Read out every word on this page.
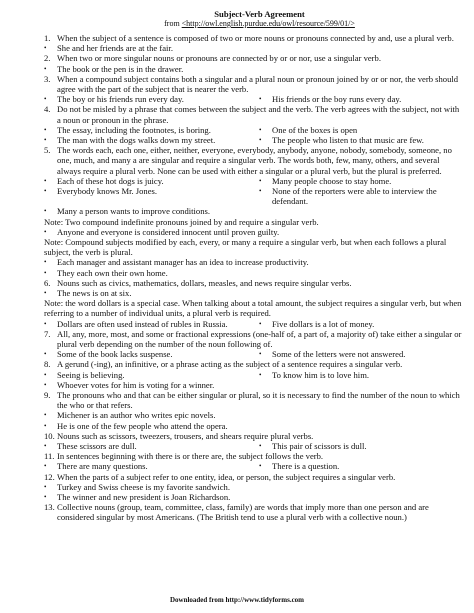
Subject-Verb Agreement

from <http://owl.english.purdue.edu/owl/resource/599/01/>

1. When the subject of a sentence is composed of two or more nouns or pronouns connected by and, use a plural verb.

• She and her friends are at the fair.

2. When two or more singular nouns or pronouns are connected by or or nor, use a singular verb.

• The book or the pen is in the drawer.

3. When a compound subject contains both a singular and a plural noun or pronoun joined by or or nor, the verb should agree with the part of the subject that is nearer the verb.

• The boy or his friends run every day.	• His friends or the boy runs every day.

4. Do not be misled by a phrase that comes between the subject and the verb. The verb agrees with the subject, not with a noun or pronoun in the phrase.

• The essay, including the footnotes, is boring.	• One of the boxes is open
• The man with the dogs walks down my street.	• The people who listen to that music are few.

5. The words each, each one, either, neither, everyone, everybody, anybody, anyone, nobody, somebody, someone, no one, much, and many a are singular and require a singular verb. The words both, few, many, others, and several always require a plural verb. None can be used with either a singular or a plural verb, but the plural is preferred.

• Each of these hot dogs is juicy.	• Many people choose to stay home.
• Everybody knows Mr. Jones.	• None of the reporters were able to interview the defendant.

• Many a person wants to improve conditions.

Note: Two compound indefinite pronouns joined by and require a singular verb.

• Anyone and everyone is considered innocent until proven guilty.

Note: Compound subjects modified by each, every, or many a require a singular verb, but when each follows a plural subject, the verb is plural.

• Each manager and assistant manager has an idea to increase productivity.

• They each own their own home.

6. Nouns such as civics, mathematics, dollars, measles, and news require singular verbs.

• The news is on at six.

Note: the word dollars is a special case. When talking about a total amount, the subject requires a singular verb, but when referring to a number of individual units, a plural verb is required.

• Dollars are often used instead of rubles in Russia.	• Five dollars is a lot of money.

7. All, any, more, most, and some or fractional expressions (one-half of, a part of, a majority of) take either a singular or plural verb depending on the number of the noun following of.

• Some of the book lacks suspense.	• Some of the letters were not answered.

8. A gerund (-ing), an infinitive, or a phrase acting as the subject of a sentence requires a singular verb.

• Seeing is believing.	• To know him is to love him.

• Whoever votes for him is voting for a winner.

9. The pronouns who and that can be either singular or plural, so it is necessary to find the number of the noun to which the who or that refers.

• Michener is an author who writes epic novels.

• He is one of the few people who attend the opera.

10. Nouns such as scissors, tweezers, trousers, and shears require plural verbs.

• These scissors are dull.	• This pair of scissors is dull.

11. In sentences beginning with there is or there are, the subject follows the verb.

• There are many questions.	• There is a question.

12. When the parts of a subject refer to one entity, idea, or person, the subject requires a singular verb.

• Turkey and Swiss cheese is my favorite sandwich.

• The winner and new president is Joan Richardson.

13. Collective nouns (group, team, committee, class, family) are words that imply more than one person and are considered singular by most Americans. (The British tend to use a plural verb with a collective noun.)

Downloaded from http://www.tidyforms.com
